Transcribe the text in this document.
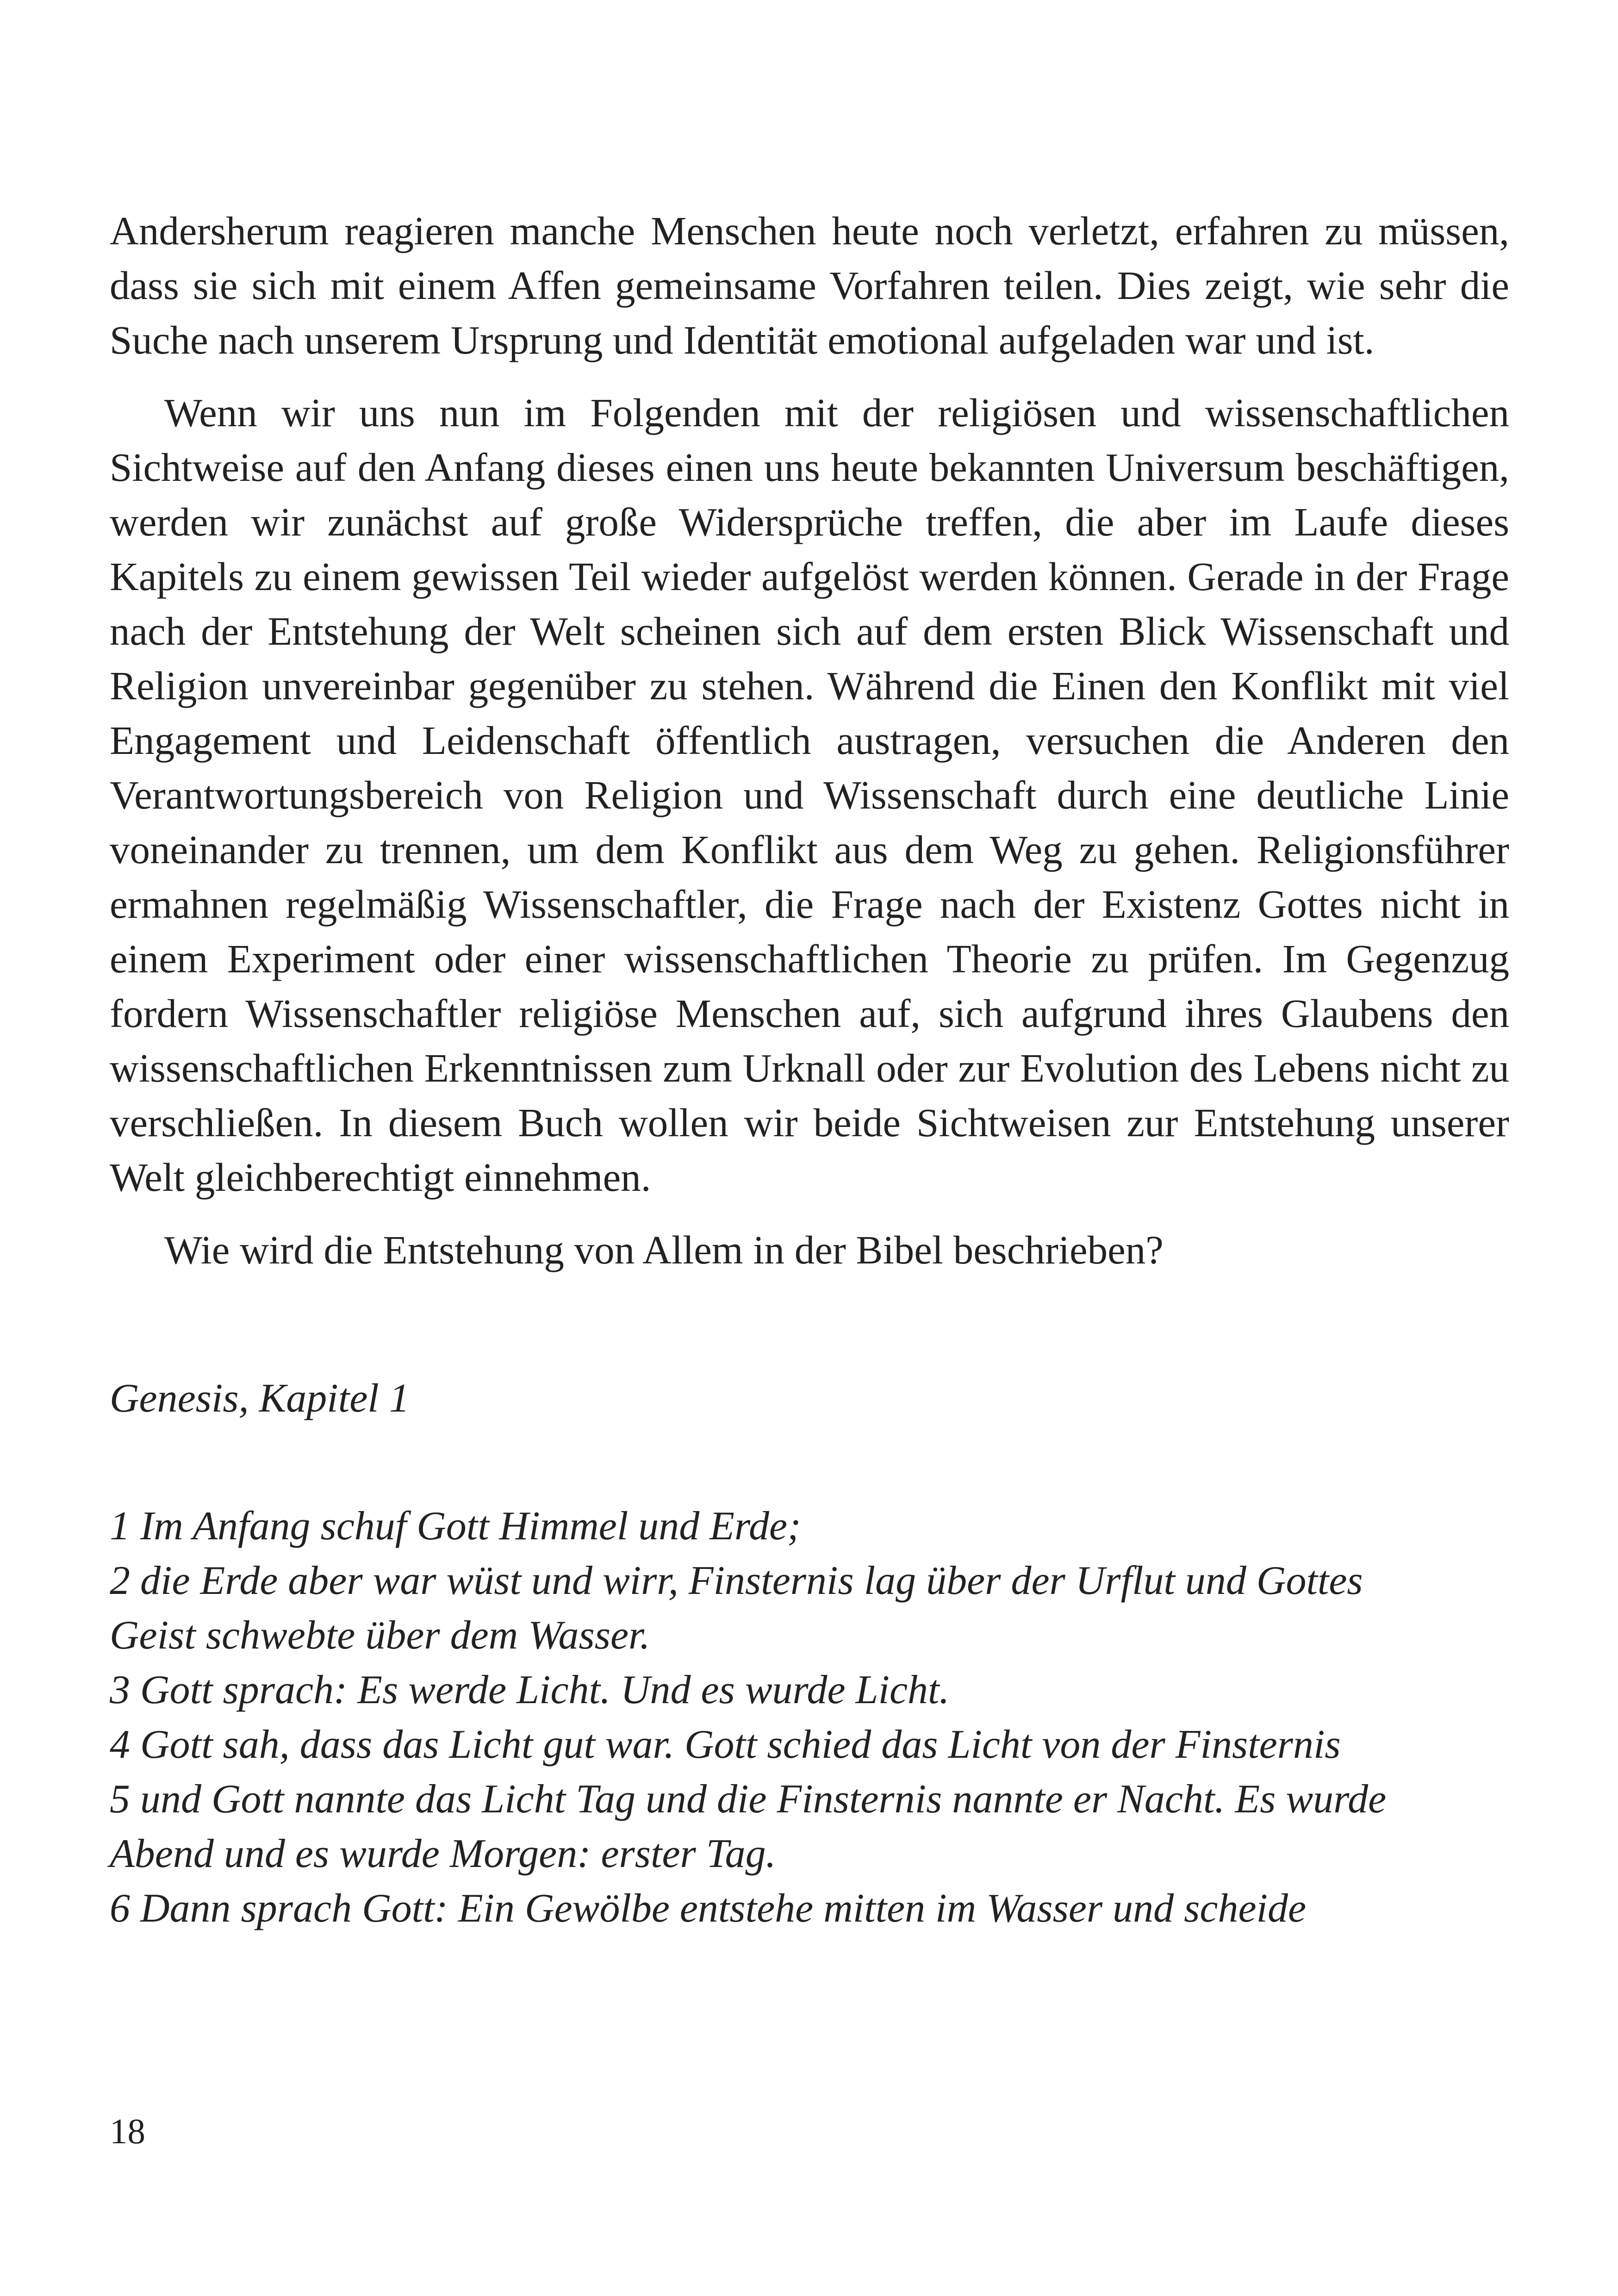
Andersherum reagieren manche Menschen heute noch verletzt, erfahren zu müssen, dass sie sich mit einem Affen gemeinsame Vorfahren teilen. Dies zeigt, wie sehr die Suche nach unserem Ursprung und Identität emotional aufgeladen war und ist.

Wenn wir uns nun im Folgenden mit der religiösen und wissenschaftlichen Sichtweise auf den Anfang dieses einen uns heute bekannten Universum beschäftigen, werden wir zunächst auf große Widersprüche treffen, die aber im Laufe dieses Kapitels zu einem gewissen Teil wieder aufgelöst werden können. Gerade in der Frage nach der Entstehung der Welt scheinen sich auf dem ersten Blick Wissenschaft und Religion unvereinbar gegenüber zu stehen. Während die Einen den Konflikt mit viel Engagement und Leidenschaft öffentlich austragen, versuchen die Anderen den Verantwortungsbereich von Religion und Wissenschaft durch eine deutliche Linie voneinander zu trennen, um dem Konflikt aus dem Weg zu gehen. Religionsführer ermahnen regelmäßig Wissenschaftler, die Frage nach der Existenz Gottes nicht in einem Experiment oder einer wissenschaftlichen Theorie zu prüfen. Im Gegenzug fordern Wissenschaftler religiöse Menschen auf, sich aufgrund ihres Glaubens den wissenschaftlichen Erkenntnissen zum Urknall oder zur Evolution des Lebens nicht zu verschließen. In diesem Buch wollen wir beide Sichtweisen zur Entstehung unserer Welt gleichberechtigt einnehmen.

Wie wird die Entstehung von Allem in der Bibel beschrieben?

Genesis, Kapitel 1

1 Im Anfang schuf Gott Himmel und Erde;

2 die Erde aber war wüst und wirr, Finsternis lag über der Urflut und Gottes

Geist schwebte über dem Wasser.

3 Gott sprach: Es werde Licht. Und es wurde Licht.

4 Gott sah, dass das Licht gut war. Gott schied das Licht von der Finsternis

5 und Gott nannte das Licht Tag und die Finsternis nannte er Nacht. Es wurde

Abend und es wurde Morgen: erster Tag.

6 Dann sprach Gott: Ein Gewölbe entstehe mitten im Wasser und scheide

18
